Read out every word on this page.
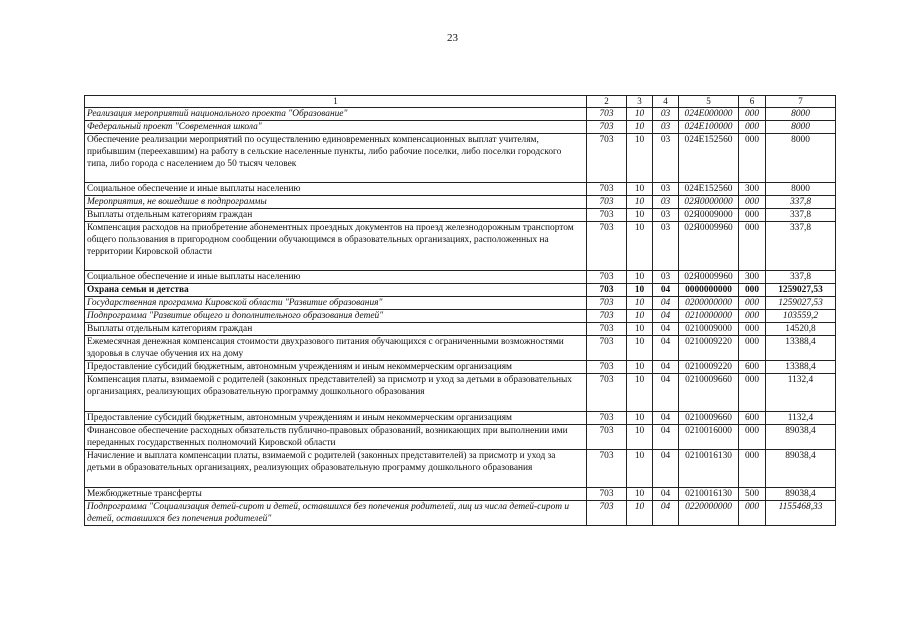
23
1	2	3	4	5	6	7
Реализация мероприятий национального проекта "Образование"	703	10	03	024E000000	000	8000
Федеральный проект "Современная школа"	703	10	03	024E100000	000	8000
Обеспечение реализации мероприятий по осуществлению единовременных компенсационных выплат учителям, прибывшим (переехавшим) на работу в сельские населенные пункты, либо рабочие поселки, либо поселки городского типа, либо города с населением до 50 тысяч человек	703	10	03	024E152560	000	8000
Социальное обеспечение и иные выплаты населению	703	10	03	024E152560	300	8000
Мероприятия, не вошедшие в подпрограммы	703	10	03	02Я0000000	000	337,8
Выплаты отдельным категориям граждан	703	10	03	02Я0009000	000	337,8
Компенсация расходов на приобретение абонементных проездных документов на проезд железнодорожным транспортом общего пользования в пригородном сообщении обучающимся в образовательных организациях, расположенных на территории Кировской области	703	10	03	02Я0009960	000	337,8
Социальное обеспечение и иные выплаты населению	703	10	03	02Я0009960	300	337,8
Охрана семьи и детства	703	10	04	0000000000	000	1259027,53
Государственная программа Кировской области "Развитие образования"	703	10	04	0200000000	000	1259027,53
Подпрограмма "Развитие общего и дополнительного образования детей"	703	10	04	0210000000	000	103559,2
Выплаты отдельным категориям граждан	703	10	04	0210009000	000	14520,8
Ежемесячная денежная компенсация стоимости двухразового питания обучающихся с ограниченными возможностями здоровья в случае обучения их на дому	703	10	04	0210009220	000	13388,4
Предоставление субсидий бюджетным, автономным учреждениям и иным некоммерческим организациям	703	10	04	0210009220	600	13388,4
Компенсация платы, взимаемой с родителей (законных представителей) за присмотр и уход за детьми в образовательных организациях, реализующих образовательную программу дошкольного образования	703	10	04	0210009660	000	1132,4
Предоставление субсидий бюджетным, автономным учреждениям и иным некоммерческим организациям	703	10	04	0210009660	600	1132,4
Финансовое обеспечение расходных обязательств публично-правовых образований, возникающих при выполнении ими переданных государственных полномочий Кировской области	703	10	04	0210016000	000	89038,4
Начисление и выплата компенсации платы, взимаемой с родителей (законных представителей) за присмотр и уход за детьми в образовательных организациях, реализующих образовательную программу дошкольного образования	703	10	04	0210016130	000	89038,4
Межбюджетные трансферты	703	10	04	0210016130	500	89038,4
Подпрограмма "Социализация детей-сирот и детей, оставшихся без попечения родителей, лиц из числа детей-сирот и детей, оставшихся без попечения родителей"	703	10	04	0220000000	000	1155468,33
